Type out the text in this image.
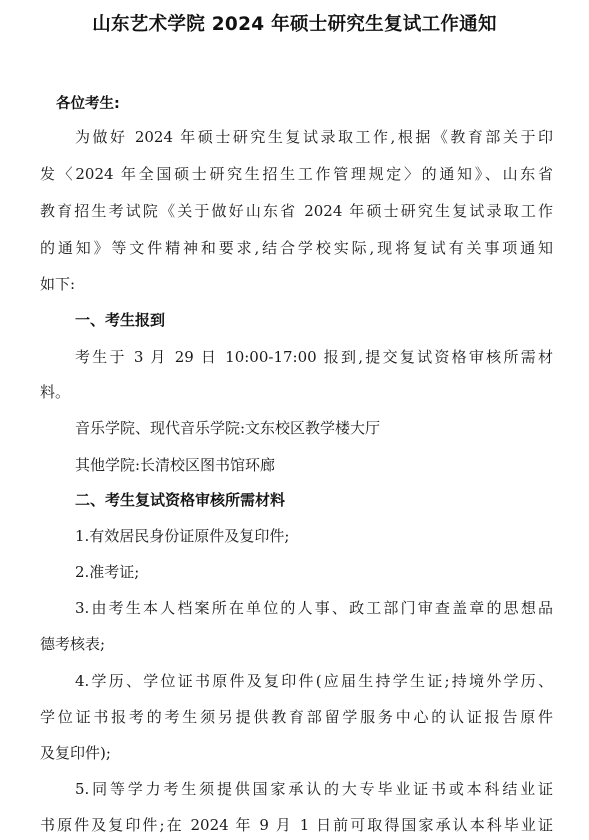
山东艺术学院 2024 年硕士研究生复试工作通知
各位考生:
为做好 2024 年硕士研究生复试录取工作,根据《教育部关于印
发〈2024 年全国硕士研究生招生工作管理规定〉的通知》、山东省
教育招生考试院《关于做好山东省 2024 年硕士研究生复试录取工作
的通知》等文件精神和要求,结合学校实际,现将复试有关事项通知
如下:
一、考生报到
考生于 3 月 29 日 10:00-17:00 报到,提交复试资格审核所需材
料。
音乐学院、现代音乐学院:文东校区教学楼大厅
其他学院:长清校区图书馆环廊
二、考生复试资格审核所需材料
1.有效居民身份证原件及复印件;
2.准考证;
3.由考生本人档案所在单位的人事、政工部门审查盖章的思想品
德考核表;
4.学历、学位证书原件及复印件(应届生持学生证;持境外学历、
学位证书报考的考生须另提供教育部留学服务中心的认证报告原件
及复印件);
5.同等学力考生须提供国家承认的大专毕业证书或本科结业证
书原件及复印件;在 2024 年 9 月 1 日前可取得国家承认本科毕业证
